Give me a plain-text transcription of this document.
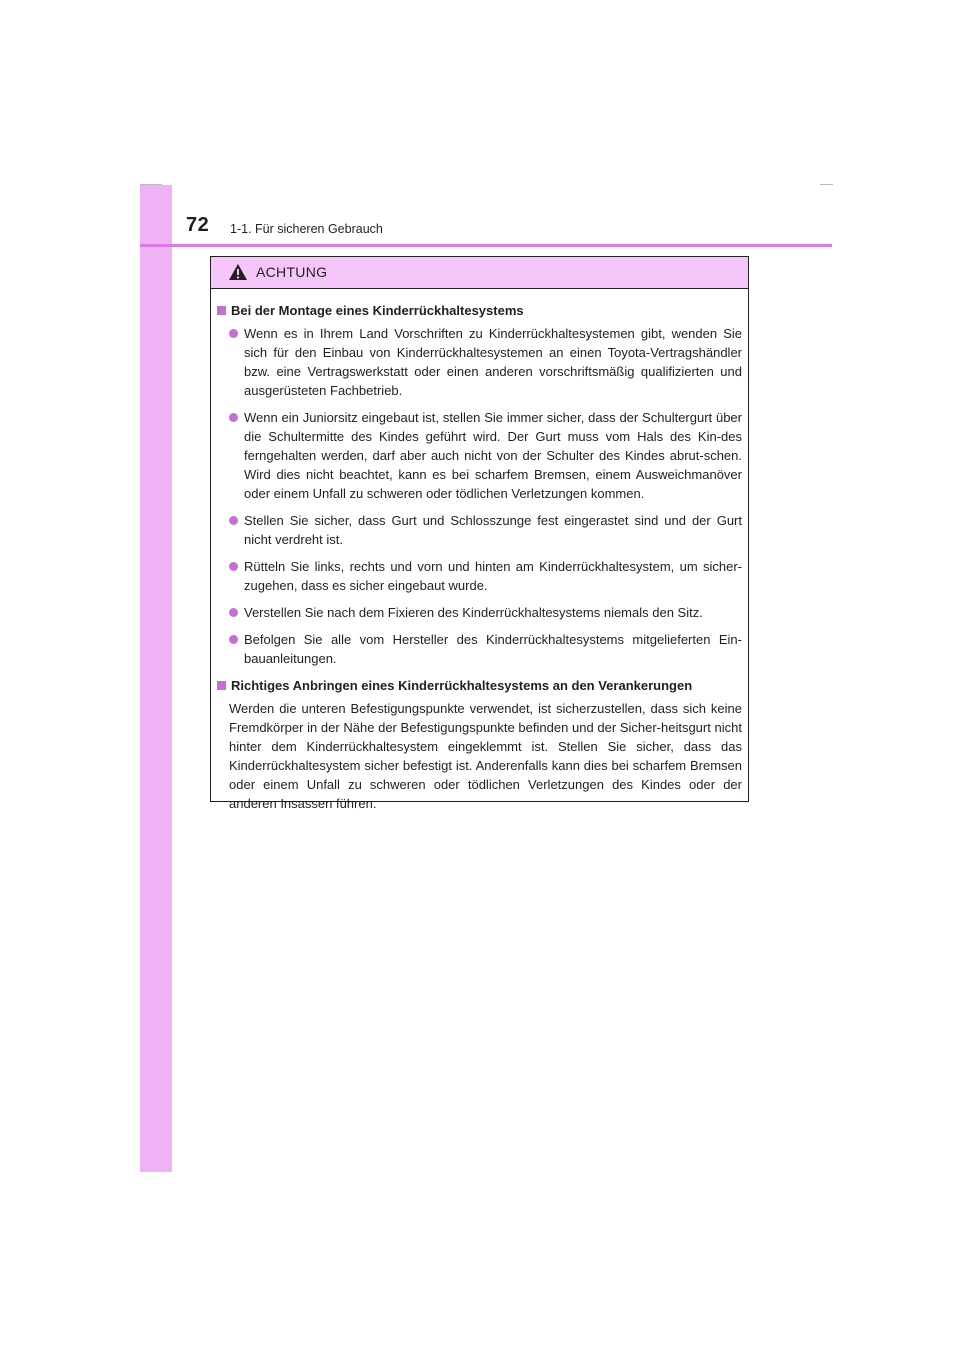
72 1-1. Für sicheren Gebrauch
ACHTUNG
Bei der Montage eines Kinderrückhaltesystems
Wenn es in Ihrem Land Vorschriften zu Kinderrückhaltesystemen gibt, wenden Sie sich für den Einbau von Kinderrückhaltesystemen an einen Toyota-Vertragshändler bzw. eine Vertragswerkstatt oder einen anderen vorschriftsmäßig qualifizierten und ausgerüsteten Fachbetrieb.
Wenn ein Juniorsitz eingebaut ist, stellen Sie immer sicher, dass der Schultergurt über die Schultermitte des Kindes geführt wird. Der Gurt muss vom Hals des Kin-des ferngehalten werden, darf aber auch nicht von der Schulter des Kindes abrut-schen. Wird dies nicht beachtet, kann es bei scharfem Bremsen, einem Ausweichmanöver oder einem Unfall zu schweren oder tödlichen Verletzungen kommen.
Stellen Sie sicher, dass Gurt und Schlosszunge fest eingerastet sind und der Gurt nicht verdreht ist.
Rütteln Sie links, rechts und vorn und hinten am Kinderrückhaltesystem, um sicher-zugehen, dass es sicher eingebaut wurde.
Verstellen Sie nach dem Fixieren des Kinderrückhaltesystems niemals den Sitz.
Befolgen Sie alle vom Hersteller des Kinderrückhaltesystems mitgelieferten Ein-bauanleitungen.
Richtiges Anbringen eines Kinderrückhaltesystems an den Verankerungen
Werden die unteren Befestigungspunkte verwendet, ist sicherzustellen, dass sich keine Fremdkörper in der Nähe der Befestigungspunkte befinden und der Sicher-heitsgurt nicht hinter dem Kinderrückhaltesystem eingeklemmt ist. Stellen Sie sicher, dass das Kinderrückhaltesystem sicher befestigt ist. Anderenfalls kann dies bei scharfem Bremsen oder einem Unfall zu schweren oder tödlichen Verletzungen des Kindes oder der anderen Insassen führen.
